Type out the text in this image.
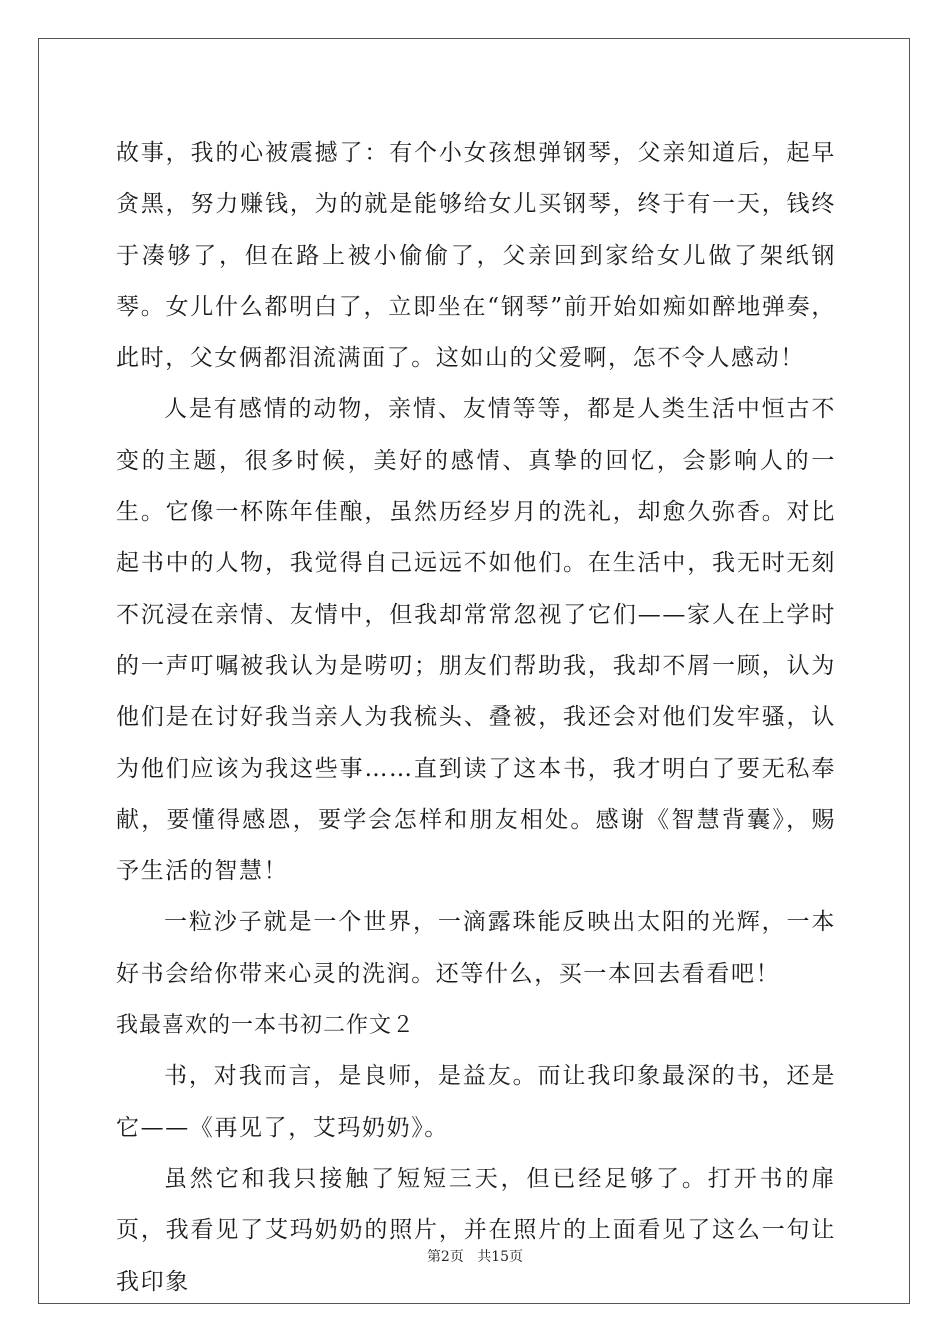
故事，我的心被震撼了：有个小女孩想弹钢琴，父亲知道后，起早贪黑，努力赚钱，为的就是能够给女儿买钢琴，终于有一天，钱终于凑够了，但在路上被小偷偷了，父亲回到家给女儿做了架纸钢琴。女儿什么都明白了，立即坐在“钢琴”前开始如痴如醉地弹奏，此时，父女俩都泪流满面了。这如山的父爱啊，怎不令人感动！

人是有感情的动物，亲情、友情等等，都是人类生活中恒古不变的主题，很多时候，美好的感情、真挚的回忆，会影响人的一生。它像一杯陈年佳酿，虽然历经岁月的洗礼，却愈久弥香。对比起书中的人物，我觉得自己远远不如他们。在生活中，我无时无刻不沉浸在亲情、友情中，但我却常常忽视了它们——家人在上学时的一声叮嘱被我认为是唠叨；朋友们帮助我，我却不屑一顾，认为他们是在讨好我当亲人为我梳头、叠被，我还会对他们发牢骚，认为他们应该为我这些事……直到读了这本书，我才明白了要无私奉献，要懂得感恩，要学会怎样和朋友相处。感谢《智慧背囊》，赐予生活的智慧！

一粒沙子就是一个世界，一滴露珠能反映出太阳的光辉，一本好书会给你带来心灵的洗润。还等什么，买一本回去看看吧！

我最喜欢的一本书初二作文２

书，对我而言，是良师，是益友。而让我印象最深的书，还是它——《再见了，艾玛奶奶》。

虽然它和我只接触了短短三天，但已经足够了。打开书的扉页，我看见了艾玛奶奶的照片，并在照片的上面看见了这么一句让我印象

第2页 共15页
